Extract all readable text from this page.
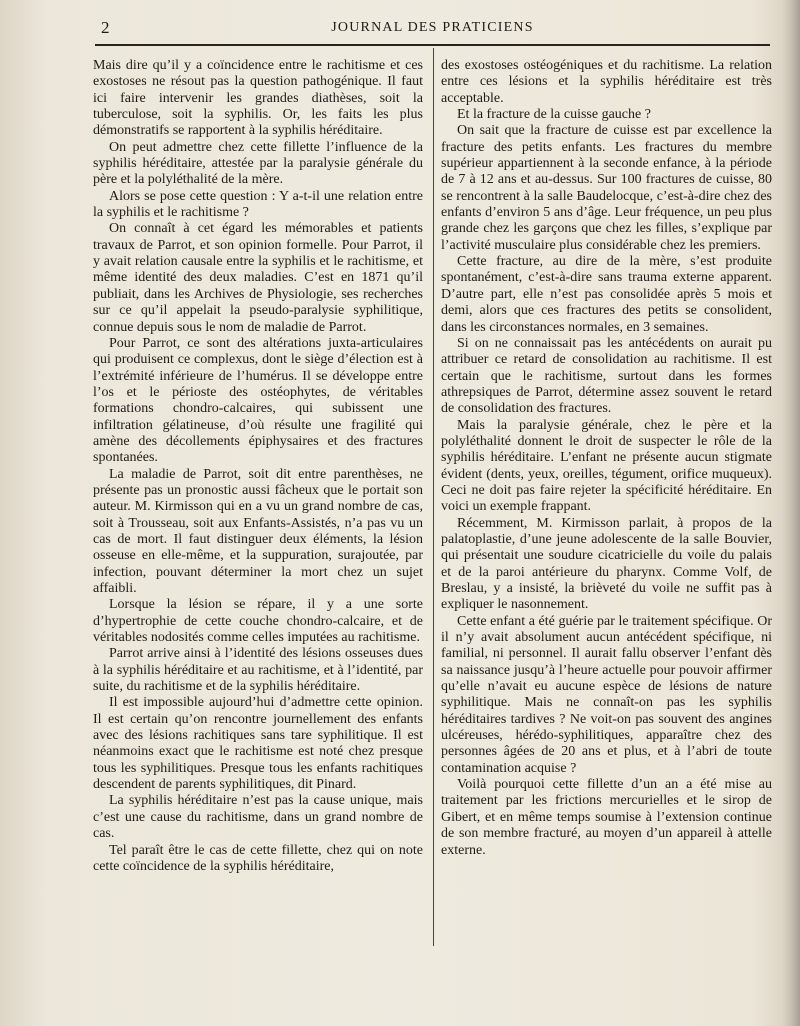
2	JOURNAL DES PRATICIENS

Mais dire qu’il y a coïncidence entre le rachitisme et ces exostoses ne résout pas la question pathogénique. Il faut ici faire intervenir les grandes diathèses, soit la tuberculose, soit la syphilis. Or, les faits les plus démonstratifs se rapportent à la syphilis héréditaire.

On peut admettre chez cette fillette l’influence de la syphilis héréditaire, attestée par la paralysie générale du père et la polyléthalité de la mère.

Alors se pose cette question : Y a-t-il une relation entre la syphilis et le rachitisme ?

On connaît à cet égard les mémorables et patients travaux de Parrot, et son opinion formelle. Pour Parrot, il y avait relation causale entre la syphilis et le rachitisme, et même identité des deux maladies. C’est en 1871 qu’il publiait, dans les Archives de Physiologie, ses recherches sur ce qu’il appelait la pseudo-paralysie syphilitique, connue depuis sous le nom de maladie de Parrot.

Pour Parrot, ce sont des altérations juxta-articulaires qui produisent ce complexus, dont le siège d’élection est à l’extrémité inférieure de l’humérus. Il se développe entre l’os et le périoste des ostéophytes, de véritables formations chondro-calcaires, qui subissent une infiltration gélatineuse, d’où résulte une fragilité qui amène des décollements épiphysaires et des fractures spontanées.

La maladie de Parrot, soit dit entre parenthèses, ne présente pas un pronostic aussi fâcheux que le portait son auteur. M. Kirmisson qui en a vu un grand nombre de cas, soit à Trousseau, soit aux Enfants-Assistés, n’a pas vu un cas de mort. Il faut distinguer deux éléments, la lésion osseuse en elle-même, et la suppuration, surajoutée, par infection, pouvant déterminer la mort chez un sujet affaibli.

Lorsque la lésion se répare, il y a une sorte d’hypertrophie de cette couche chondro-calcaire, et de véritables nodosités comme celles imputées au rachitisme.

Parrot arrive ainsi à l’identité des lésions osseuses dues à la syphilis héréditaire et au rachitisme, et à l’identité, par suite, du rachitisme et de la syphilis héréditaire.

Il est impossible aujourd’hui d’admettre cette opinion. Il est certain qu’on rencontre journellement des enfants avec des lésions rachitiques sans tare syphilitique. Il est néanmoins exact que le rachitisme est noté chez presque tous les syphilitiques. Presque tous les enfants rachitiques descendent de parents syphilitiques, dit Pinard.

La syphilis héréditaire n’est pas la cause unique, mais c’est une cause du rachitisme, dans un grand nombre de cas.

Tel paraît être le cas de cette fillette, chez qui on note cette coïncidence de la syphilis héréditaire,

des exostoses ostéogéniques et du rachitisme. La relation entre ces lésions et la syphilis héréditaire est très acceptable.

Et la fracture de la cuisse gauche ?

On sait que la fracture de cuisse est par excellence la fracture des petits enfants. Les fractures du membre supérieur appartiennent à la seconde enfance, à la période de 7 à 12 ans et au-dessus. Sur 100 fractures de cuisse, 80 se rencontrent à la salle Baudelocque, c’est-à-dire chez des enfants d’environ 5 ans d’âge. Leur fréquence, un peu plus grande chez les garçons que chez les filles, s’explique par l’activité musculaire plus considérable chez les premiers.

Cette fracture, au dire de la mère, s’est produite spontanément, c’est-à-dire sans trauma externe apparent. D’autre part, elle n’est pas consolidée après 5 mois et demi, alors que ces fractures des petits se consolident, dans les circonstances normales, en 3 semaines.

Si on ne connaissait pas les antécédents on aurait pu attribuer ce retard de consolidation au rachitisme. Il est certain que le rachitisme, surtout dans les formes athrepsiques de Parrot, détermine assez souvent le retard de consolidation des fractures.

Mais la paralysie générale, chez le père et la polyléthalité donnent le droit de suspecter le rôle de la syphilis héréditaire. L’enfant ne présente aucun stigmate évident (dents, yeux, oreilles, tégument, orifice muqueux). Ceci ne doit pas faire rejeter la spécificité héréditaire. En voici un exemple frappant.

Récemment, M. Kirmisson parlait, à propos de la palatoplastie, d’une jeune adolescente de la salle Bouvier, qui présentait une soudure cicatricielle du voile du palais et de la paroi antérieure du pharynx. Comme Volf, de Breslau, y a insisté, la brièveté du voile ne suffit pas à expliquer le nasonnement.

Cette enfant a été guérie par le traitement spécifique. Or il n’y avait absolument aucun antécédent spécifique, ni familial, ni personnel. Il aurait fallu observer l’enfant dès sa naissance jusqu’à l’heure actuelle pour pouvoir affirmer qu’elle n’avait eu aucune espèce de lésions de nature syphilitique. Mais ne connaît-on pas les syphilis héréditaires tardives ? Ne voit-on pas souvent des angines ulcéreuses, hérédo-syphilitiques, apparaître chez des personnes âgées de 20 ans et plus, et à l’abri de toute contamination acquise ?

Voilà pourquoi cette fillette d’un an a été mise au traitement par les frictions mercurielles et le sirop de Gibert, et en même temps soumise à l’extension continue de son membre fracturé, au moyen d’un appareil à attelle externe.
